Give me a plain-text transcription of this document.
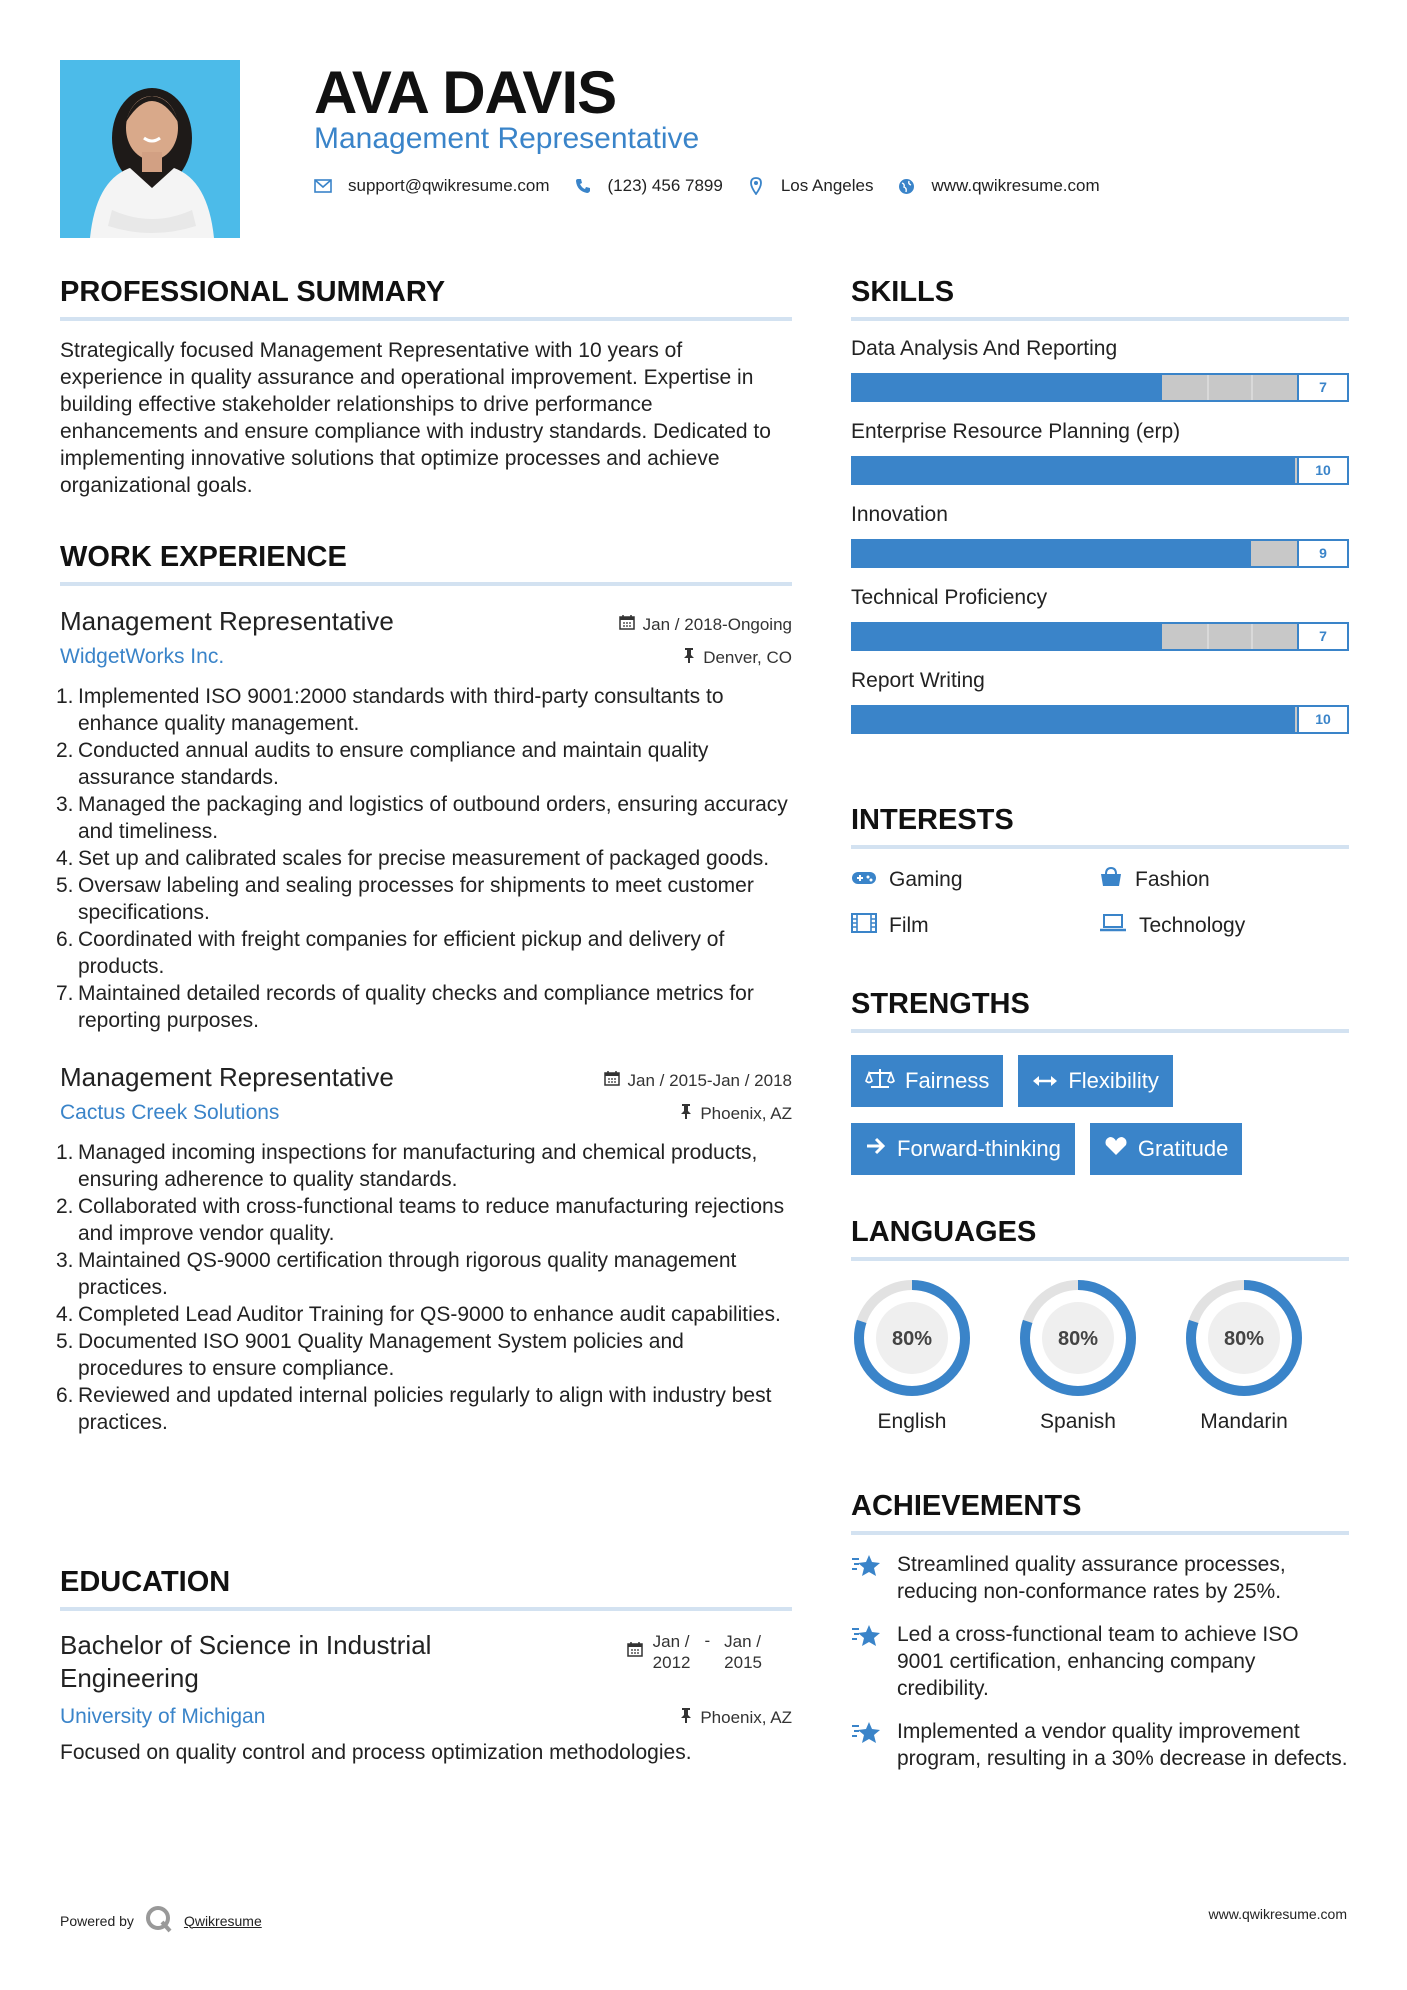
AVA DAVIS
Management Representative
support@qwikresume.com	(123) 456 7899	Los Angeles	www.qwikresume.com
PROFESSIONAL SUMMARY
Strategically focused Management Representative with 10 years of experience in quality assurance and operational improvement. Expertise in building effective stakeholder relationships to drive performance enhancements and ensure compliance with industry standards. Dedicated to implementing innovative solutions that optimize processes and achieve organizational goals.
WORK EXPERIENCE
Management Representative	Jan / 2018-Ongoing
WidgetWorks Inc.	Denver, CO
1. Implemented ISO 9001:2000 standards with third-party consultants to enhance quality management.
2. Conducted annual audits to ensure compliance and maintain quality assurance standards.
3. Managed the packaging and logistics of outbound orders, ensuring accuracy and timeliness.
4. Set up and calibrated scales for precise measurement of packaged goods.
5. Oversaw labeling and sealing processes for shipments to meet customer specifications.
6. Coordinated with freight companies for efficient pickup and delivery of products.
7. Maintained detailed records of quality checks and compliance metrics for reporting purposes.
Management Representative	Jan / 2015-Jan / 2018
Cactus Creek Solutions	Phoenix, AZ
1. Managed incoming inspections for manufacturing and chemical products, ensuring adherence to quality standards.
2. Collaborated with cross-functional teams to reduce manufacturing rejections and improve vendor quality.
3. Maintained QS-9000 certification through rigorous quality management practices.
4. Completed Lead Auditor Training for QS-9000 to enhance audit capabilities.
5. Documented ISO 9001 Quality Management System policies and procedures to ensure compliance.
6. Reviewed and updated internal policies regularly to align with industry best practices.
EDUCATION
Bachelor of Science in Industrial
Engineering
Jan /
2012
- Jan /
2015
University of Michigan	Phoenix, AZ
Focused on quality control and process optimization methodologies.
SKILLS
Data Analysis And Reporting
7
Enterprise Resource Planning (erp)
10
Innovation
9
Technical Proficiency
7
Report Writing
10
INTERESTS
Gaming	Fashion
Film	Technology
STRENGTHS
Fairness	Flexibility
Forward-thinking	Gratitude
LANGUAGES
80%
English
80%
Spanish
80%
Mandarin
ACHIEVEMENTS
Streamlined quality assurance processes, reducing non-conformance rates by 25%.
Led a cross-functional team to achieve ISO 9001 certification, enhancing company credibility.
Implemented a vendor quality improvement program, resulting in a 30% decrease in defects.
Powered by	Qwikresume	www.qwikresume.com
